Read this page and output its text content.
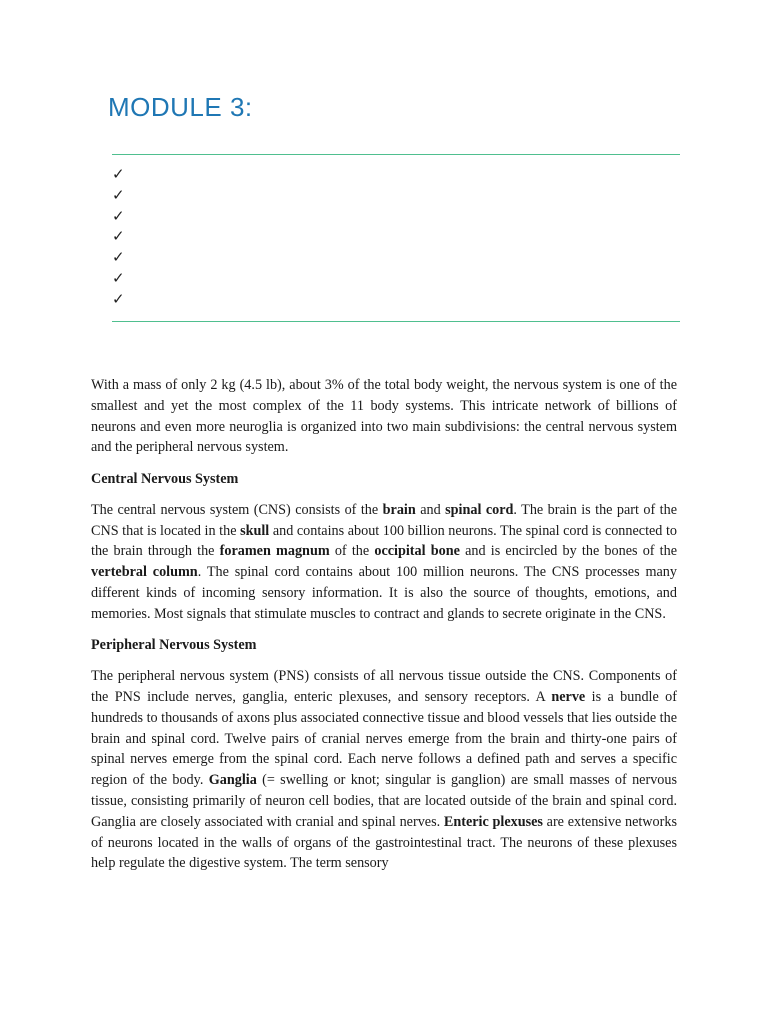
MODULE 3:
✓
✓
✓
✓
✓
✓
✓

With a mass of only 2 kg (4.5 lb), about 3% of the total body weight, the nervous system is one of the smallest and yet the most complex of the 11 body systems. This intricate network of billions of neurons and even more neuroglia is organized into two main subdivisions: the central nervous system and the peripheral nervous system.

Central Nervous System

The central nervous system (CNS) consists of the brain and spinal cord. The brain is the part of the CNS that is located in the skull and contains about 100 billion neurons. The spinal cord is connected to the brain through the foramen magnum of the occipital bone and is encircled by the bones of the vertebral column. The spinal cord contains about 100 million neurons. The CNS processes many different kinds of incoming sensory information. It is also the source of thoughts, emotions, and memories. Most signals that stimulate muscles to contract and glands to secrete originate in the CNS.

Peripheral Nervous System

The peripheral nervous system (PNS) consists of all nervous tissue outside the CNS. Components of the PNS include nerves, ganglia, enteric plexuses, and sensory receptors. A nerve is a bundle of hundreds to thousands of axons plus associated connective tissue and blood vessels that lies outside the brain and spinal cord. Twelve pairs of cranial nerves emerge from the brain and thirty-one pairs of spinal nerves emerge from the spinal cord. Each nerve follows a defined path and serves a specific region of the body. Ganglia (= swelling or knot; singular is ganglion) are small masses of nervous tissue, consisting primarily of neuron cell bodies, that are located outside of the brain and spinal cord. Ganglia are closely associated with cranial and spinal nerves. Enteric plexuses are extensive networks of neurons located in the walls of organs of the gastrointestinal tract. The neurons of these plexuses help regulate the digestive system. The term sensory
